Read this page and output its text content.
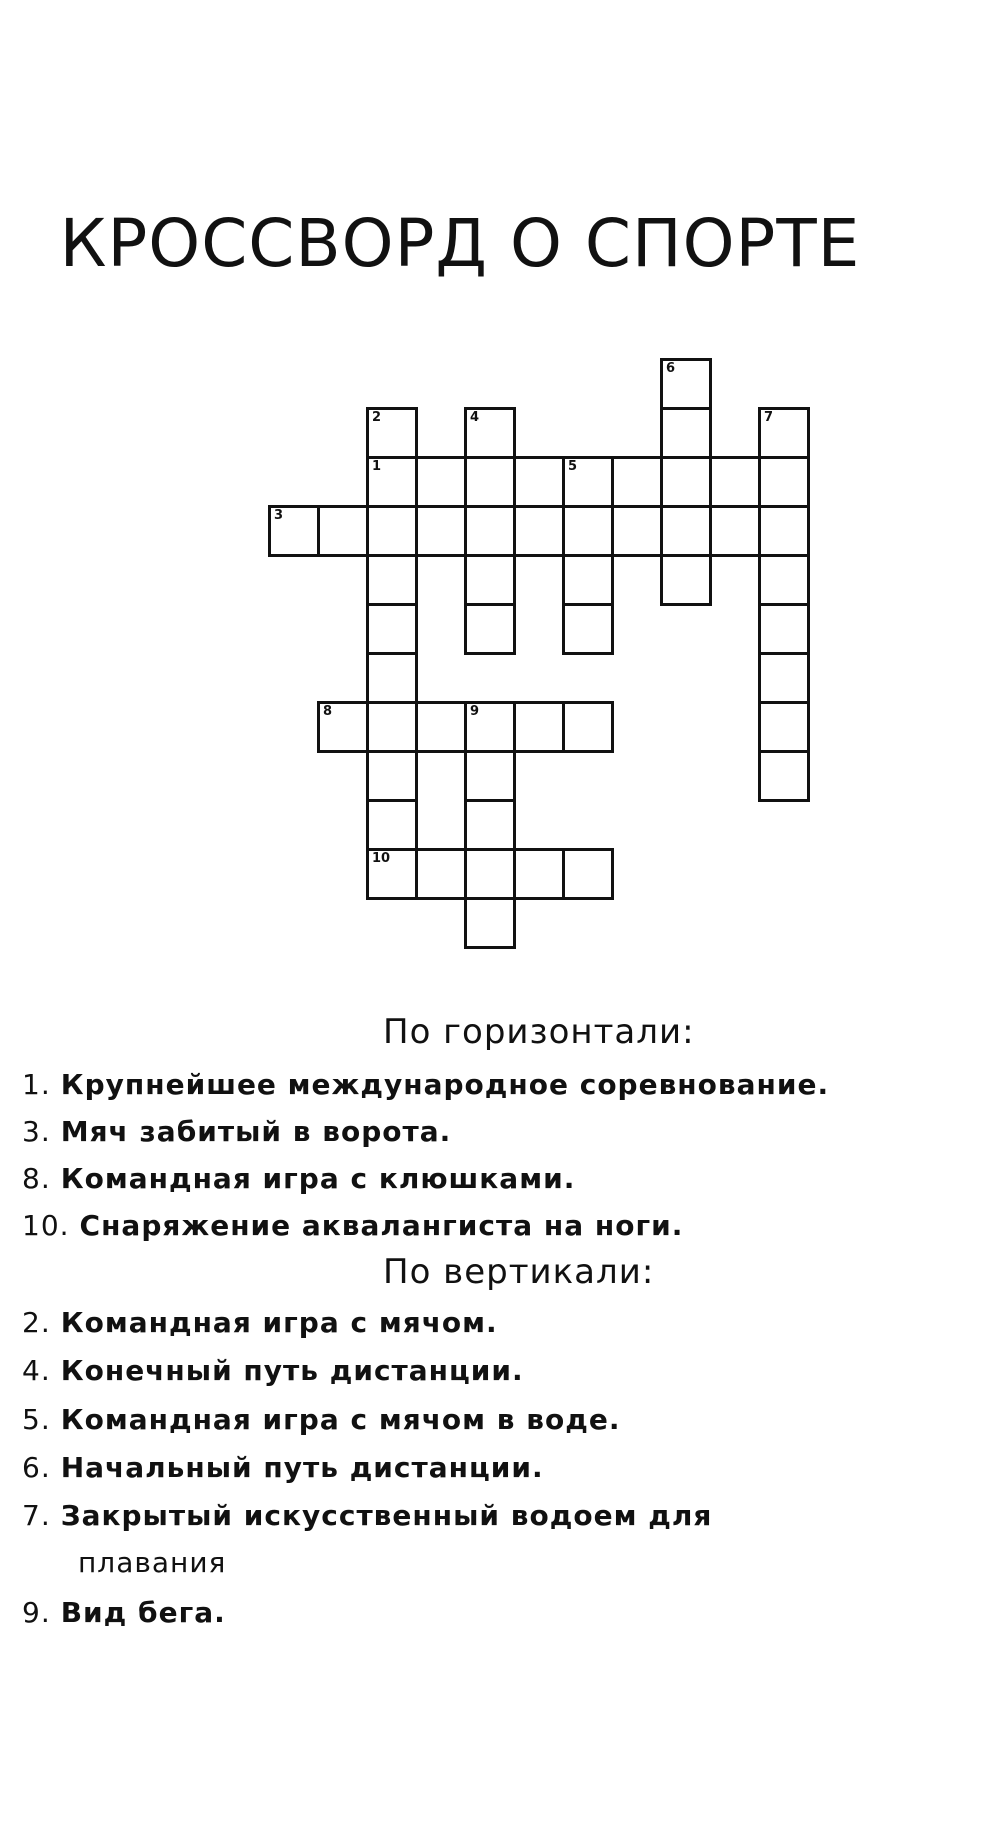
КРОССВОРД О СПОРТЕ
6
7
2
1
4
5
3
8	9
10
По горизонтали:
1. Крупнейшее международное соревнование.
3. Мяч забитый в ворота.
8. Командная игра с клюшками.
10. Снаряжение аквалангиста на ноги.
По вертикали:
2. Командная игра с мячом.
4. Конечный путь дистанции.
5. Командная игра с мячом в воде.
6. Начальный путь дистанции.
7. Закрытый искусственный водоем для
плавания
9. Вид бега.
